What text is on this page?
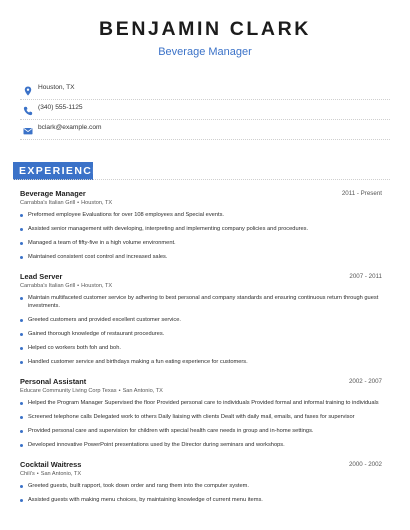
BENJAMIN CLARK
Beverage Manager
Houston, TX
(340) 555-1125
bclark@example.com
EXPERIENCE
Beverage Manager	2011 - Present
Carrabba's Italian Grill • Houston, TX
Preformed employee Evaluations for over 108 employees and Special events.
Assisted senior management with developing, interpreting and implementing company policies and procedures.
Managed a team of fifty-five in a high volume environment.
Maintained consistent cost control and increased sales.
Lead Server	2007 - 2011
Carrabba's Italian Grill • Houston, TX
Maintain multifaceted customer service by adhering to best personal and company standards and ensuring continuous return through guest investments.
Greeted customers and provided excellent customer service.
Gained thorough knowledge of restaurant procedures.
Helped co workers both foh and boh.
Handled customer service and birthdays making a fun eating experience for customers.
Personal Assistant	2002 - 2007
Educare Community Living Corp Texas • San Antonio, TX
Helped the Program Manager Supervised the floor Provided personal care to individuals Provided formal and informal training to individuals
Screened telephone calls Delegated work to others Daily liaising with clients Dealt with daily mail, emails, and faxes for supervisor
Provided personal care and supervision for children with special health care needs in group and in-home settings.
Developed innovative PowerPoint presentations used by the Director during seminars and workshops.
Cocktail Waitress	2000 - 2002
Chili's • San Antonio, TX
Greeted guests, built rapport, took down order and rang them into the computer system.
Assisted guests with making menu choices, by maintaining knowledge of current menu items.
